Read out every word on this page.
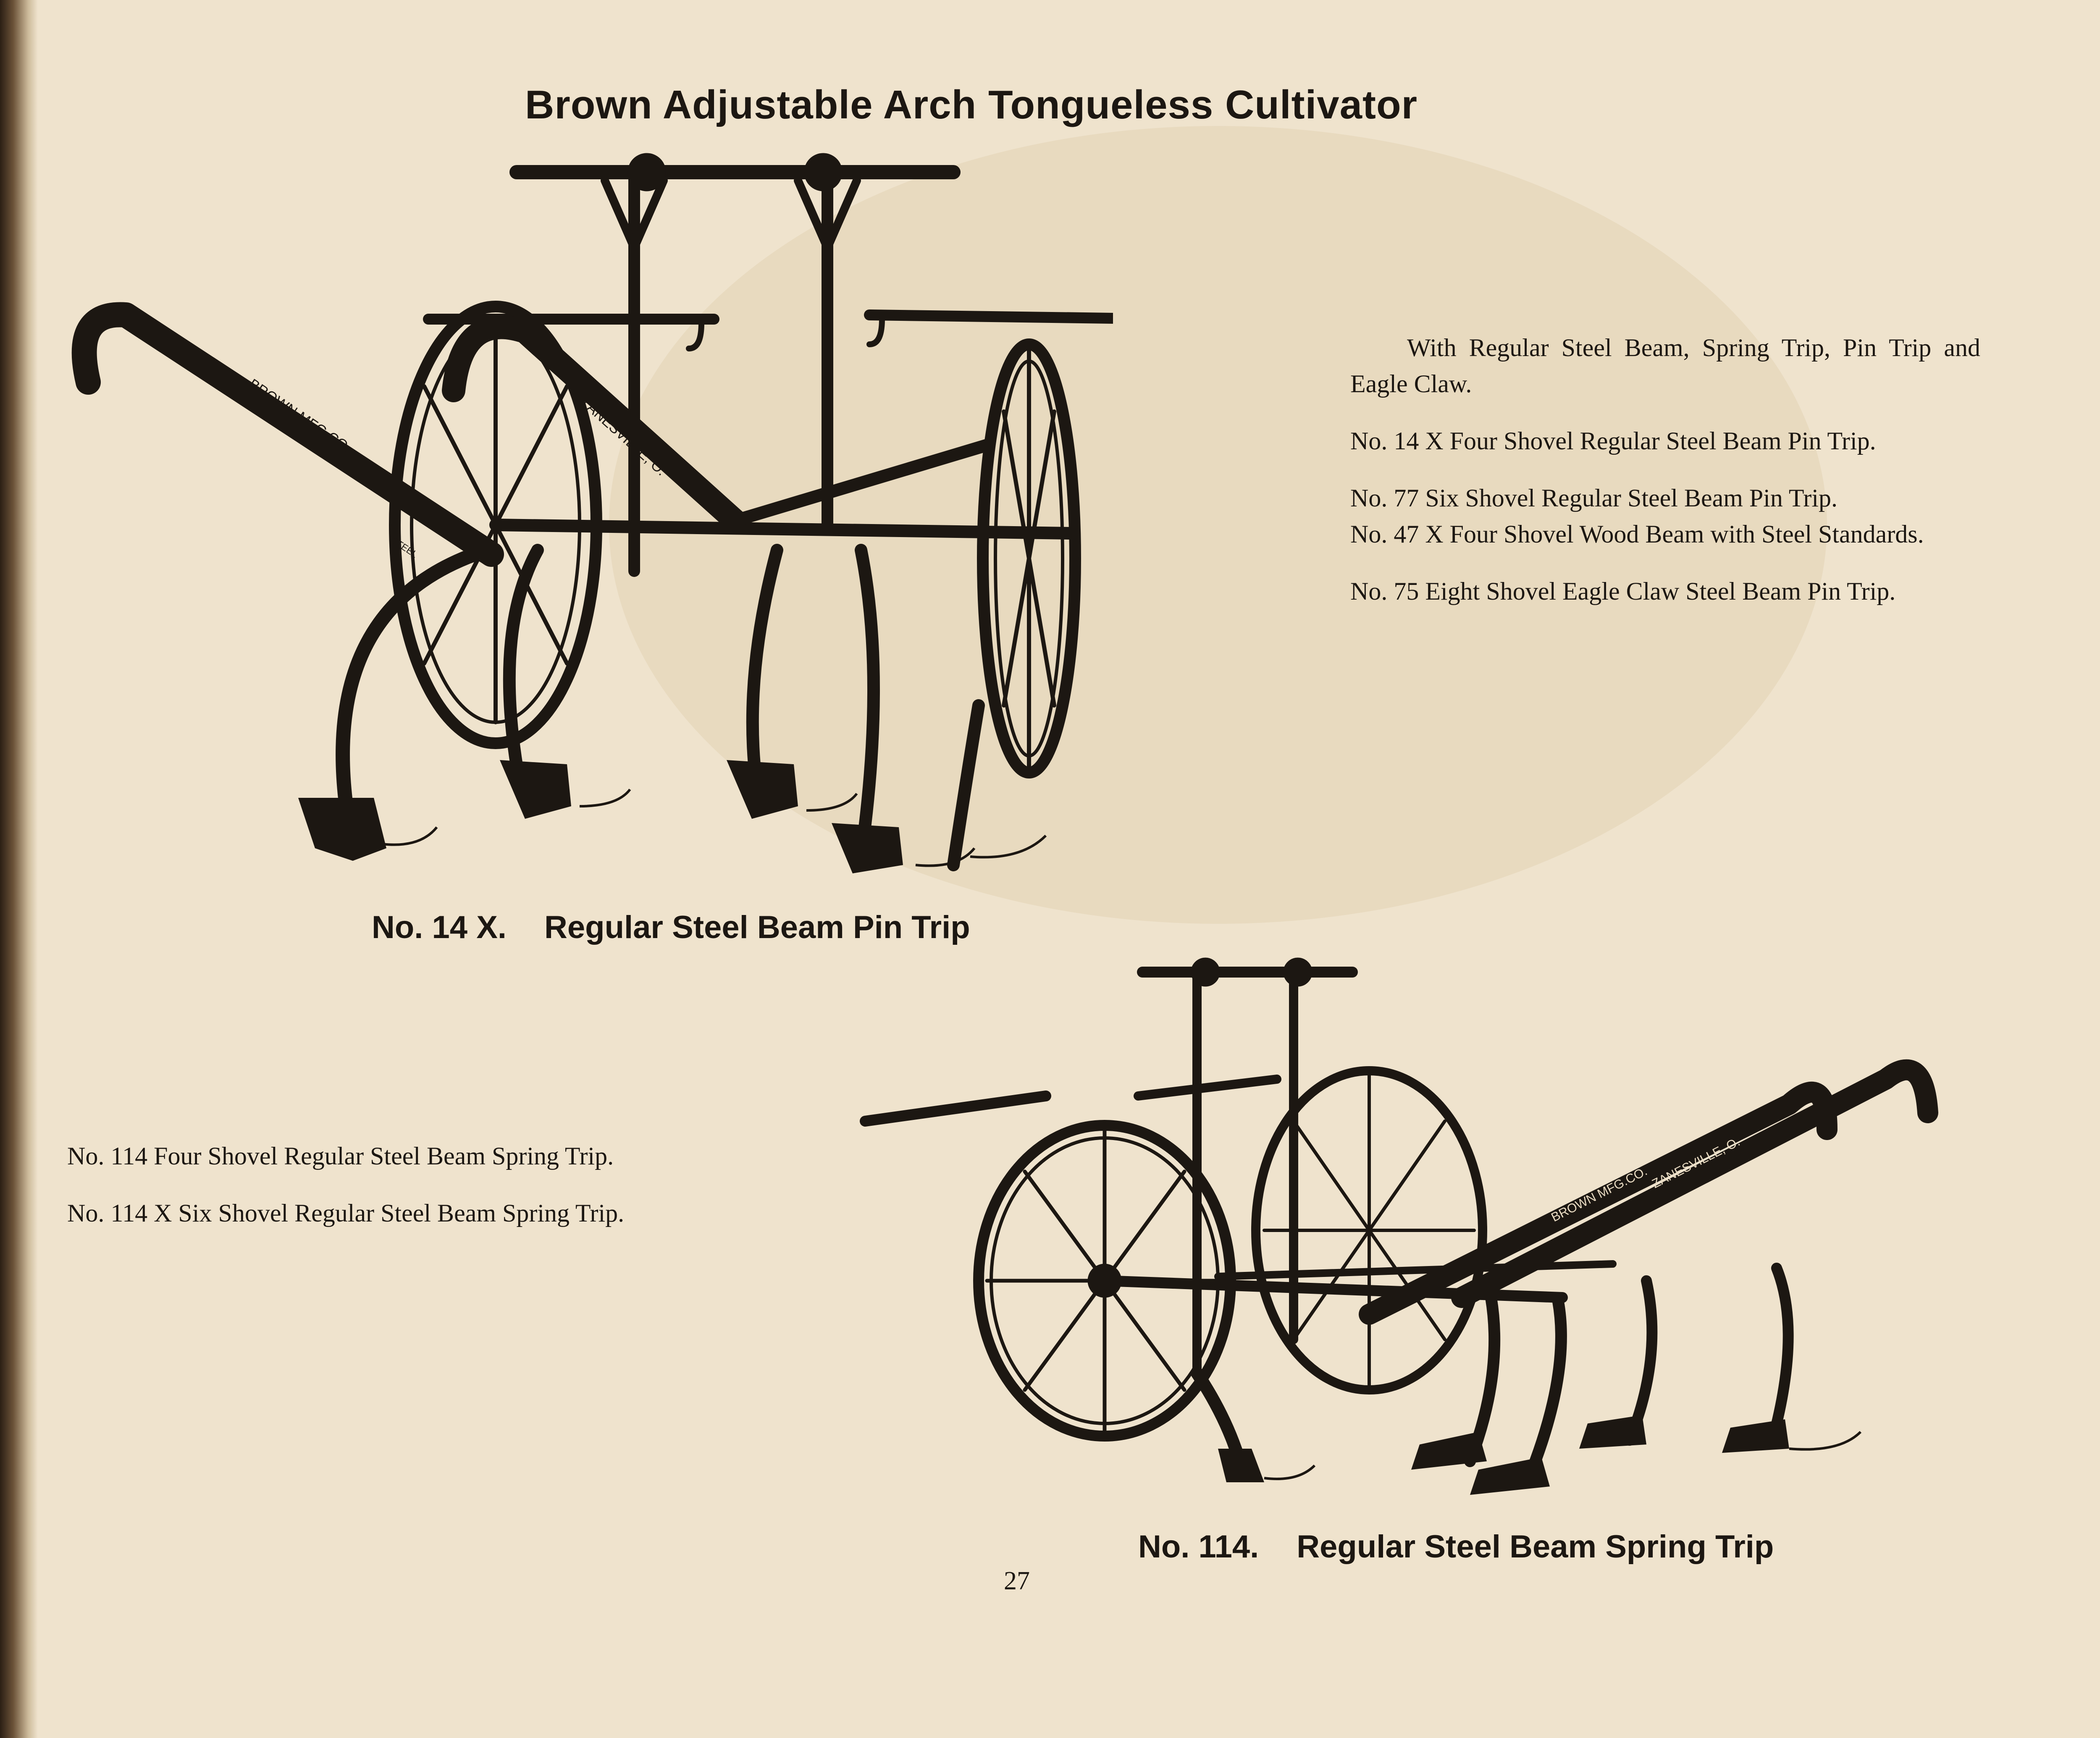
Brown Adjustable Arch Tongueless Cultivator
BROWN MFG.CO.	ZANESVILLE, O.
STEEL
No. 14 X. Regular Steel Beam Pin Trip

With Regular Steel Beam, Spring Trip, Pin Trip and Eagle Claw.

No. 14 X Four Shovel Regular Steel Beam Pin Trip.

No. 77 Six Shovel Regular Steel Beam Pin Trip.

No. 47 X Four Shovel Wood Beam with Steel Standards.

No. 75 Eight Shovel Eagle Claw Steel Beam Pin Trip.

No. 114 Four Shovel Regular Steel Beam Spring Trip.

No. 114 X Six Shovel Regular Steel Beam Spring Trip.	BROWN MFG.CO.
ZANESVILLE, O.
STEEL
No. 114. Regular Steel Beam Spring Trip
27
